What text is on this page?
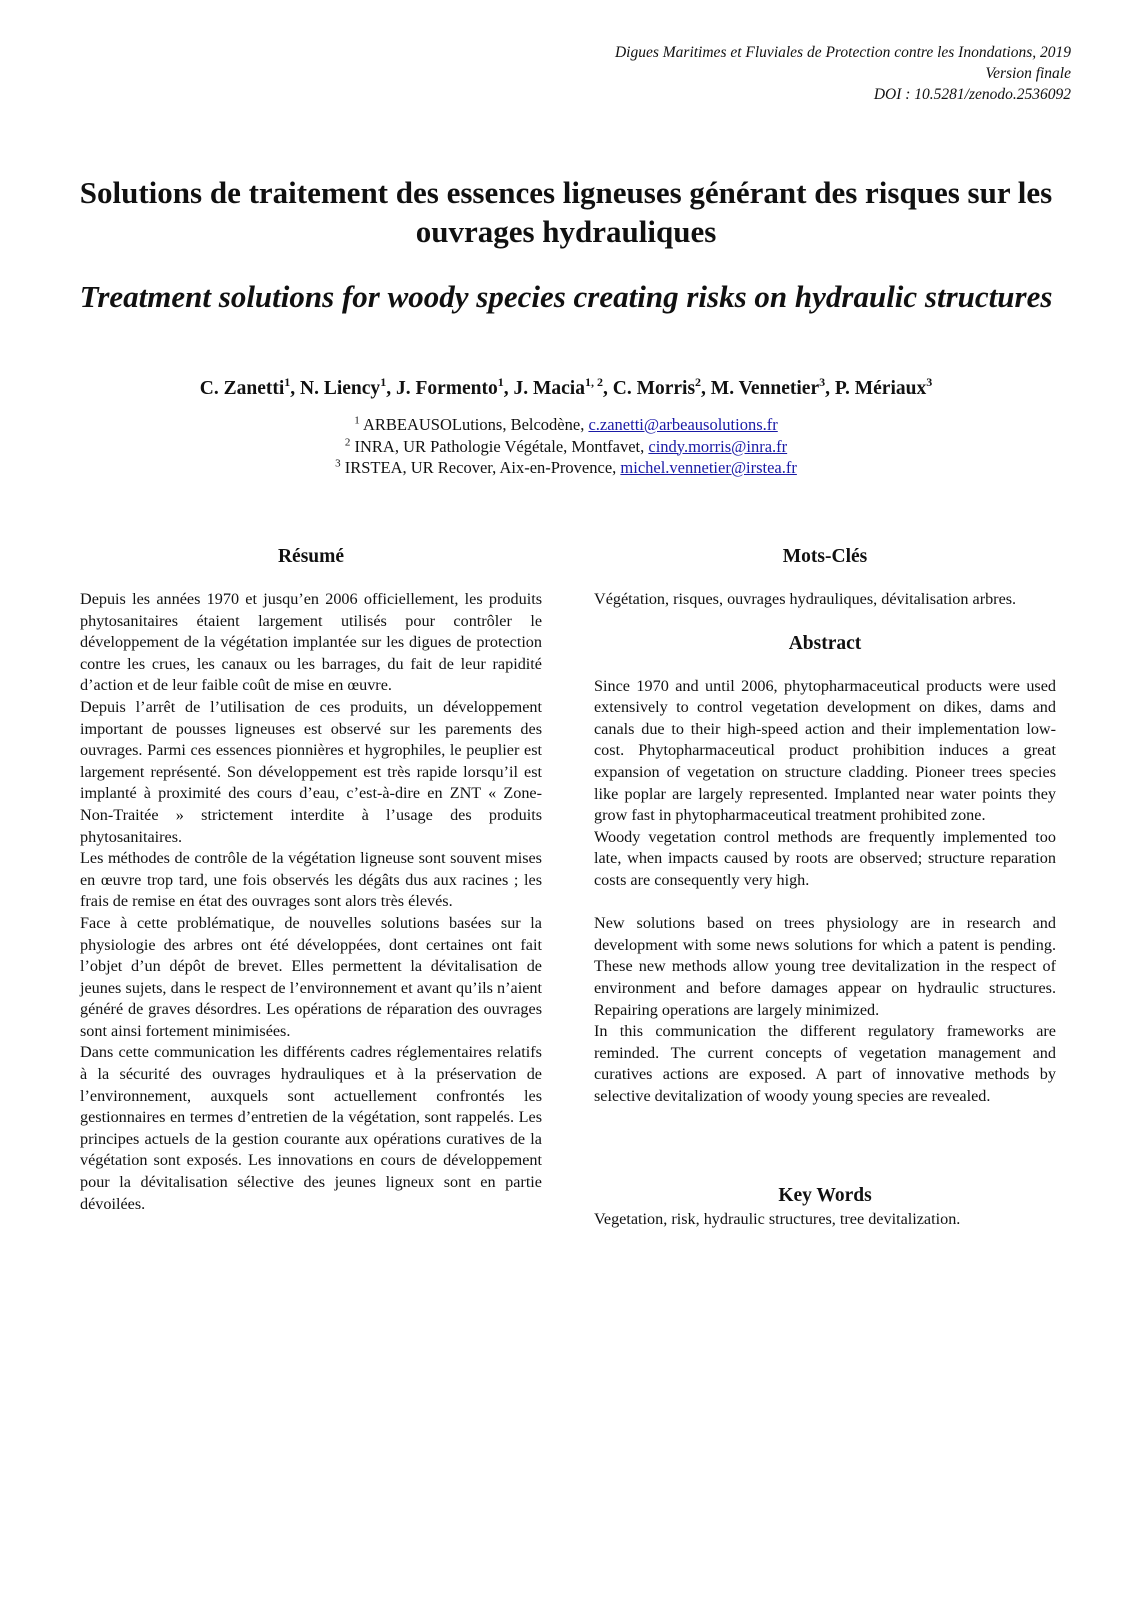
Digues Maritimes et Fluviales de Protection contre les Inondations, 2019
Version finale
DOI : 10.5281/zenodo.2536092
Solutions de traitement des essences ligneuses générant des risques sur les ouvrages hydrauliques
Treatment solutions for woody species creating risks on hydraulic structures
C. Zanetti$^1$, N. Liency$^1$, J. Formento$^1$, J. Macia$^{1, 2}$, C. Morris$^2$, M. Vennetier$^3$, P. Mériaux$^3$
$^1$ ARBEAUSOLutions, Belcodène, c.zanetti@arbeausolutions.fr
$^2$ INRA, UR Pathologie Végétale, Montfavet, cindy.morris@inra.fr
$^3$ IRSTEA, UR Recover, Aix-en-Provence, michel.vennetier@irstea.fr
Résumé

Depuis les années 1970 et jusqu’en 2006 officiellement, les produits phytosanitaires étaient largement utilisés pour contrôler le développement de la végétation implantée sur les digues de protection contre les crues, les canaux ou les barrages, du fait de leur rapidité d’action et de leur faible coût de mise en œuvre.

Depuis l’arrêt de l’utilisation de ces produits, un développement important de pousses ligneuses est observé sur les parements des ouvrages. Parmi ces essences pionnières et hygrophiles, le peuplier est largement représenté. Son développement est très rapide lorsqu’il est implanté à proximité des cours d’eau, c’est-à-dire en ZNT « Zone-Non-Traitée » strictement interdite à l’usage des produits phytosanitaires.

Les méthodes de contrôle de la végétation ligneuse sont souvent mises en œuvre trop tard, une fois observés les dégâts dus aux racines ; les frais de remise en état des ouvrages sont alors très élevés.

Face à cette problématique, de nouvelles solutions basées sur la physiologie des arbres ont été développées, dont certaines ont fait l’objet d’un dépôt de brevet. Elles permettent la dévitalisation de jeunes sujets, dans le respect de l’environnement et avant qu’ils n’aient généré de graves désordres. Les opérations de réparation des ouvrages sont ainsi fortement minimisées.

Dans cette communication les différents cadres réglementaires relatifs à la sécurité des ouvrages hydrauliques et à la préservation de l’environnement, auxquels sont actuellement confrontés les gestionnaires en termes d’entretien de la végétation, sont rappelés. Les principes actuels de la gestion courante aux opérations curatives de la végétation sont exposés. Les innovations en cours de développement pour la dévitalisation sélective des jeunes ligneux sont en partie dévoilées.

Mots-Clés

Végétation, risques, ouvrages hydrauliques, dévitalisation arbres.

Abstract

Since 1970 and until 2006, phytopharmaceutical products were used extensively to control vegetation development on dikes, dams and canals due to their high-speed action and their implementation low-cost. Phytopharmaceutical product prohibition induces a great expansion of vegetation on structure cladding. Pioneer trees species like poplar are largely represented. Implanted near water points they grow fast in phytopharmaceutical treatment prohibited zone.

Woody vegetation control methods are frequently implemented too late, when impacts caused by roots are observed; structure reparation costs are consequently very high.

New solutions based on trees physiology are in research and development with some news solutions for which a patent is pending. These new methods allow young tree devitalization in the respect of environment and before damages appear on hydraulic structures. Repairing operations are largely minimized.

In this communication the different regulatory frameworks are reminded. The current concepts of vegetation management and curatives actions are exposed. A part of innovative methods by selective devitalization of woody young species are revealed.

Key Words

Vegetation, risk, hydraulic structures, tree devitalization.
